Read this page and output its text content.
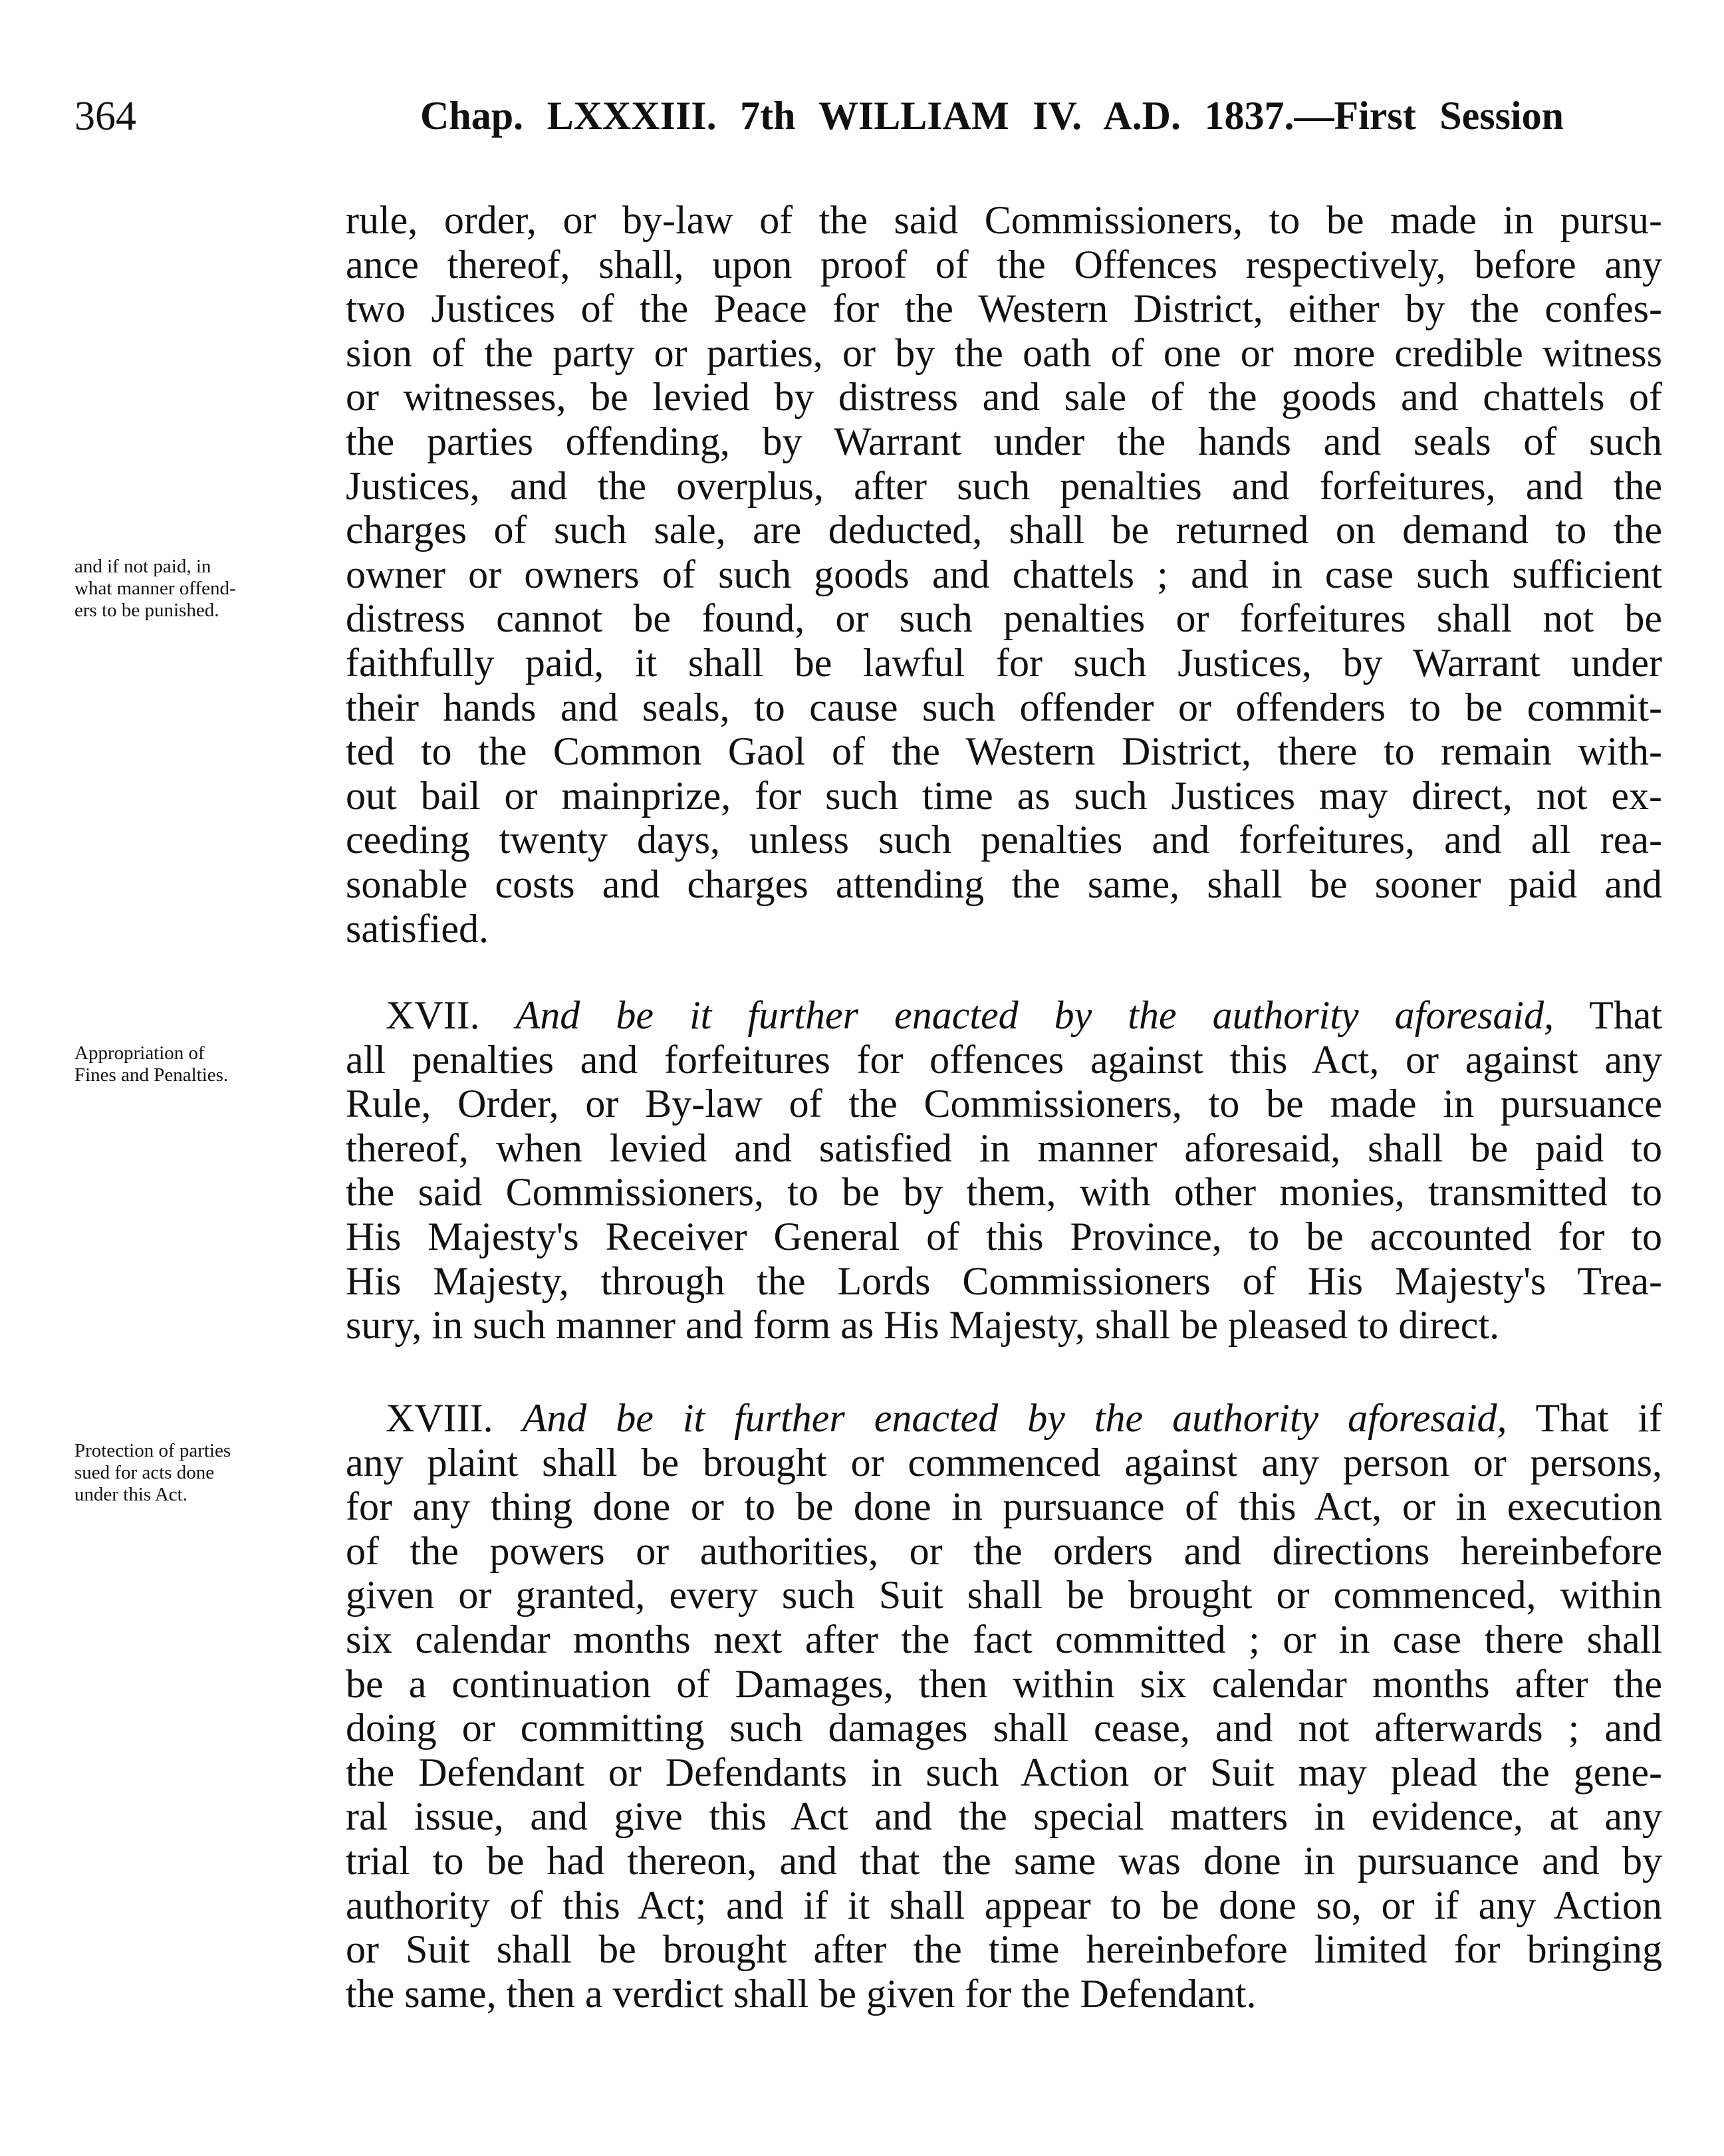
364	Chap. LXXXIII. 7th WILLIAM IV. A.D. 1837.—First Session
and if not paid, in
what manner offend-
ers to be punished.
Appropriation of
Fines and Penalties.
Protection of parties
sued for acts done
under this Act.
rule, order, or by-law of the said Commissioners, to be made in pursu-
ance thereof, shall, upon proof of the Offences respectively, before any
two Justices of the Peace for the Western District, either by the confes-
sion of the party or parties, or by the oath of one or more credible witness
or witnesses, be levied by distress and sale of the goods and chattels of
the parties offending, by Warrant under the hands and seals of such
Justices, and the overplus, after such penalties and forfeitures, and the
charges of such sale, are deducted, shall be returned on demand to the
owner or owners of such goods and chattels ; and in case such sufficient
distress cannot be found, or such penalties or forfeitures shall not be
faithfully paid, it shall be lawful for such Justices, by Warrant under
their hands and seals, to cause such offender or offenders to be commit-
ted to the Common Gaol of the Western District, there to remain with-
out bail or mainprize, for such time as such Justices may direct, not ex-
ceeding twenty days, unless such penalties and forfeitures, and all rea-
sonable costs and charges attending the same, shall be sooner paid and
satisfied.
XVII. And be it further enacted by the authority aforesaid, That
all penalties and forfeitures for offences against this Act, or against any
Rule, Order, or By-law of the Commissioners, to be made in pursuance
thereof, when levied and satisfied in manner aforesaid, shall be paid to
the said Commissioners, to be by them, with other monies, transmitted to
His Majesty's Receiver General of this Province, to be accounted for to
His Majesty, through the Lords Commissioners of His Majesty's Trea-
sury, in such manner and form as His Majesty, shall be pleased to direct.
XVIII. And be it further enacted by the authority aforesaid, That if
any plaint shall be brought or commenced against any person or persons,
for any thing done or to be done in pursuance of this Act, or in execution
of the powers or authorities, or the orders and directions hereinbefore
given or granted, every such Suit shall be brought or commenced, within
six calendar months next after the fact committed ; or in case there shall
be a continuation of Damages, then within six calendar months after the
doing or committing such damages shall cease, and not afterwards ; and
the Defendant or Defendants in such Action or Suit may plead the gene-
ral issue, and give this Act and the special matters in evidence, at any
trial to be had thereon, and that the same was done in pursuance and by
authority of this Act; and if it shall appear to be done so, or if any Action
or Suit shall be brought after the time hereinbefore limited for bringing
the same, then a verdict shall be given for the Defendant.
